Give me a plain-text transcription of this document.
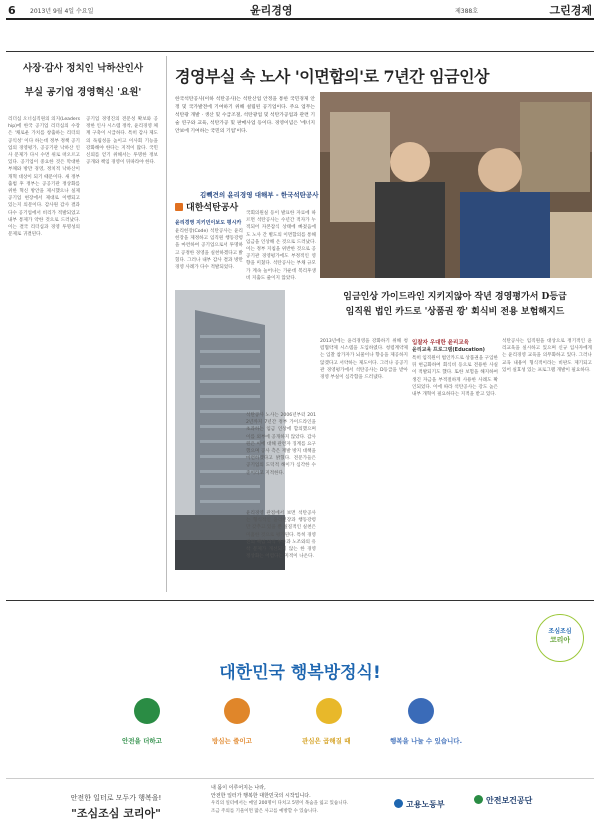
6 2013년 9월 4일 수요일	윤리경영	제388호	그린경제
사장·감사 정치인 낙하산인사
부실 공기업 경영혁신 '요원'
리더십 오너십직원의 의지(Leadership)에 한국 공기업 리더십의 수장은 '채로운 가치를 창출하는 리더의 공익성' 이다 하는데 정부 정책 공기업의 경영평가, 공공기관 낙하산 인사 문제가 다시 수면 위로 떠오르고 있다. 공기업이 중요한 것은 막대한 부채와 방만 경영, 정치적 낙하산이 개혁 대상이 되기 때문이다. 새 정부 출범 후 정부는 공공기관 정상화를 위한 혁신 방안을 제시했으나 실제 공기업 현장에서 제대로 이행되고 있는지 의문이다. 감사원 감사 결과 다수 공기업에서 비리가 적발되었고 내부 통제가 약한 것으로 드러났다. 이는 결국 리더십과 경영 투명성의 문제로 귀결된다.
공기업 경영진의 전문성 확보와 공정한 인사 시스템 정착, 윤리경영 체계 구축이 시급하다. 특히 감사 제도의 독립성을 높이고 이사회 기능을 강화해야 한다는 지적이 많다. 국민 신뢰를 얻기 위해서는 투명한 정보 공개와 책임 경영이 뒤따라야 한다.
경영부실 속 노사 '이면합의'로 7년간 임금인상
한국석탄공사(이하 석탄공사)는 석탄산업 안정을 통한 국민경제 안정 및 국가발전에 기여하기 위해 설립된 공기업이다. 주요 업무는 석탄광 개발 · 생산 및 수급조절, 석탄광업 및 석탄가공업과 관련 기술 연구와 교육, 석탄가공 및 판매사업 등이다. 경영이념은 '에너지 안보에 기여하는 국민의 기업'이다.
김빽견의 윤리경영 대해부 - 한국석탄공사
대한석탄공사
윤리경영 지키민이보도 평시카
윤리헌장(Code) 석탄공사는 윤리헌장을 제정하고 임직원 행동강령을 마련하여 공기업으로서 투명하고 공정한 경영을 실천하겠다고 밝혔다. 그러나 내부 감사 결과 방만 경영 사례가 다수 적발되었다.
국회의원실 등이 발표한 자료에 따르면 석탄공사는 수년간 적자가 누적되어 자본잠식 상태에 빠졌음에도 노사 간 별도의 이면합의를 통해 임금을 인상해 온 것으로 드러났다. 이는 정부 지침을 위반한 것으로 공공기관 경영평가에도 부정적인 영향을 미쳤다. 석탄공사는 부채 규모가 계속 늘어나는 가운데 복리후생비 지출도 줄이지 않았다.
석탄공사 노사는 2006년부터 2012년까지 7년간 정부 가이드라인을 초과하는 임금 인상에 합의했으며 이를 외부에 공개하지 않았다. 감사원은 이에 대해 관련자 징계를 요구했으며 공사 측은 재발 방지 대책을 마련하겠다고 밝혔다. 전문가들은 공기업의 도덕적 해이가 심각한 수준이라고 지적한다.
윤리경영 관점에서 보면 석탄공사는 형식적인 윤리헌장과 행동강령만 갖추고 있을 뿐 실질적인 실천은 미흡한 것으로 평가된다. 특히 경영진의 책임 의식 부족과 노조와의 유착 문제가 개선되지 않는 한 경영 정상화는 어렵다는 지적이 나온다.
임금인상 가이드라인 지키지않아 작년 경영평가서 D등급
임직원 법인 카드로 '상품권 깡' 회식비 전용 보험해지드
2013년에는 윤리경영을 강화하기 위해 청렴협약제 시스템을 도입하였다. 청렴계약제는 입찰 참가자가 뇌물이나 향응을 제공하지 않겠다고 서약하는 제도이다. 그러나 공공기관 경영평가에서 석탄공사는 D등급을 받아 경영 부실이 심각함을 드러냈다.
입찰자 우대한 윤리교육
윤리교육 프로그램(Education)
특히 임직원이 법인카드로 상품권을 구입한 뒤 현금화하여 회식비 등으로 전용한 사실이 적발되기도 했다. 또한 보험을 해지하여 생긴 자금을 부적절하게 사용한 사례도 확인되었다. 이에 따라 석탄공사는 강도 높은 내부 개혁이 필요하다는 지적을 받고 있다.
석탄공사는 임직원을 대상으로 정기적인 윤리교육을 실시하고 있으며 신규 입사자에게는 윤리경영 교육을 의무화하고 있다. 그러나 교육 내용이 형식적이라는 비판도 제기되고 있어 실효성 있는 프로그램 개발이 필요하다.
조심조심
코리아
대한민국 행복방정식!
안전을 더하고	방심는 줄이고	관심은 곱해질 때	행복을 나눌 수 있습니다.
안전한 일터로 모두가 행복을!
"조심조심 코리아"
내 몸이 이루어지는 나라,
안전한 일터가 행복한 대한민국의 시작입니다.
우리의 일터에서는 매일 200명이 다치고 5명이 목숨을 잃고 있습니다.
조금 주의를 기울이면 많은 사고를 예방할 수 있습니다.
고용노동부	안전보건공단
